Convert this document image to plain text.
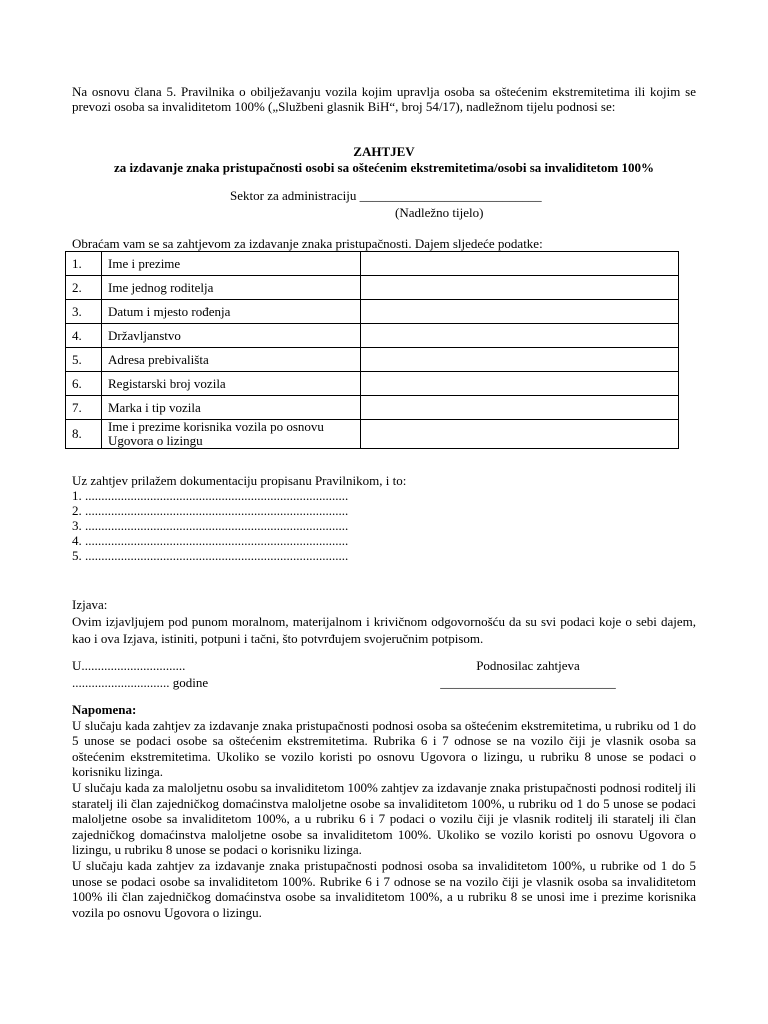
Na osnovu člana 5. Pravilnika o obilježavanju vozila kojim upravlja osoba sa oštećenim ekstremitetima ili kojim se prevozi osoba sa invaliditetom 100% („Službeni glasnik BiH“, broj 54/17), nadležnom tijelu podnosi se:

ZAHTJEV
za izdavanje znaka pristupačnosti osobi sa oštećenim ekstremitetima/osobi sa invaliditetom 100%
Sektor za administraciju ____________________________
(Nadležno tijelo)
Obraćam vam se sa zahtjevom za izdavanje znaka pristupačnosti. Dajem sljedeće podatke:
1.	Ime i prezime	
2.	Ime jednog roditelja	
3.	Datum i mjesto rođenja	
4.	Državljanstvo	
5.	Adresa prebivališta	
6.	Registarski broj vozila	
7.	Marka i tip vozila	
8.	Ime i prezime korisnika vozila po osnovu Ugovora o lizingu	
Uz zahtjev prilažem dokumentaciju propisanu Pravilnikom, i to:
1. .................................................................................
2. .................................................................................
3. .................................................................................
4. .................................................................................
5. .................................................................................
Izjava:
Ovim izjavljujem pod punom moralnom, materijalnom i krivičnom odgovornošću da su svi podaci koje o sebi dajem, kao i ova Izjava, istiniti, potpuni i tačni, što potvrđujem svojeručnim potpisom.
U................................
.............................. godine
Podnosilac zahtjeva
___________________________
Napomena:

U slučaju kada zahtjev za izdavanje znaka pristupačnosti podnosi osoba sa oštećenim ekstremitetima, u rubriku od 1 do 5 unose se podaci osobe sa oštećenim ekstremitetima. Rubrika 6 i 7 odnose se na vozilo čiji je vlasnik osoba sa oštećenim ekstremitetima. Ukoliko se vozilo koristi po osnovu Ugovora o lizingu, u rubriku 8 unose se podaci o korisniku lizinga.

U slučaju kada za maloljetnu osobu sa invaliditetom 100% zahtjev za izdavanje znaka pristupačnosti podnosi roditelj ili staratelj ili član zajedničkog domaćinstva maloljetne osobe sa invaliditetom 100%, u rubriku od 1 do 5 unose se podaci maloljetne osobe sa invaliditetom 100%, a u rubriku 6 i 7 podaci o vozilu čiji je vlasnik roditelj ili staratelj ili član zajedničkog domaćinstva maloljetne osobe sa invaliditetom 100%. Ukoliko se vozilo koristi po osnovu Ugovora o lizingu, u rubriku 8 unose se podaci o korisniku lizinga.

U slučaju kada zahtjev za izdavanje znaka pristupačnosti podnosi osoba sa invaliditetom 100%, u rubrike od 1 do 5 unose se podaci osobe sa invaliditetom 100%. Rubrike 6 i 7 odnose se na vozilo čiji je vlasnik osoba sa invaliditetom 100% ili član zajedničkog domaćinstva osobe sa invaliditetom 100%, a u rubriku 8 se unosi ime i prezime korisnika vozila po osnovu Ugovora o lizingu.
